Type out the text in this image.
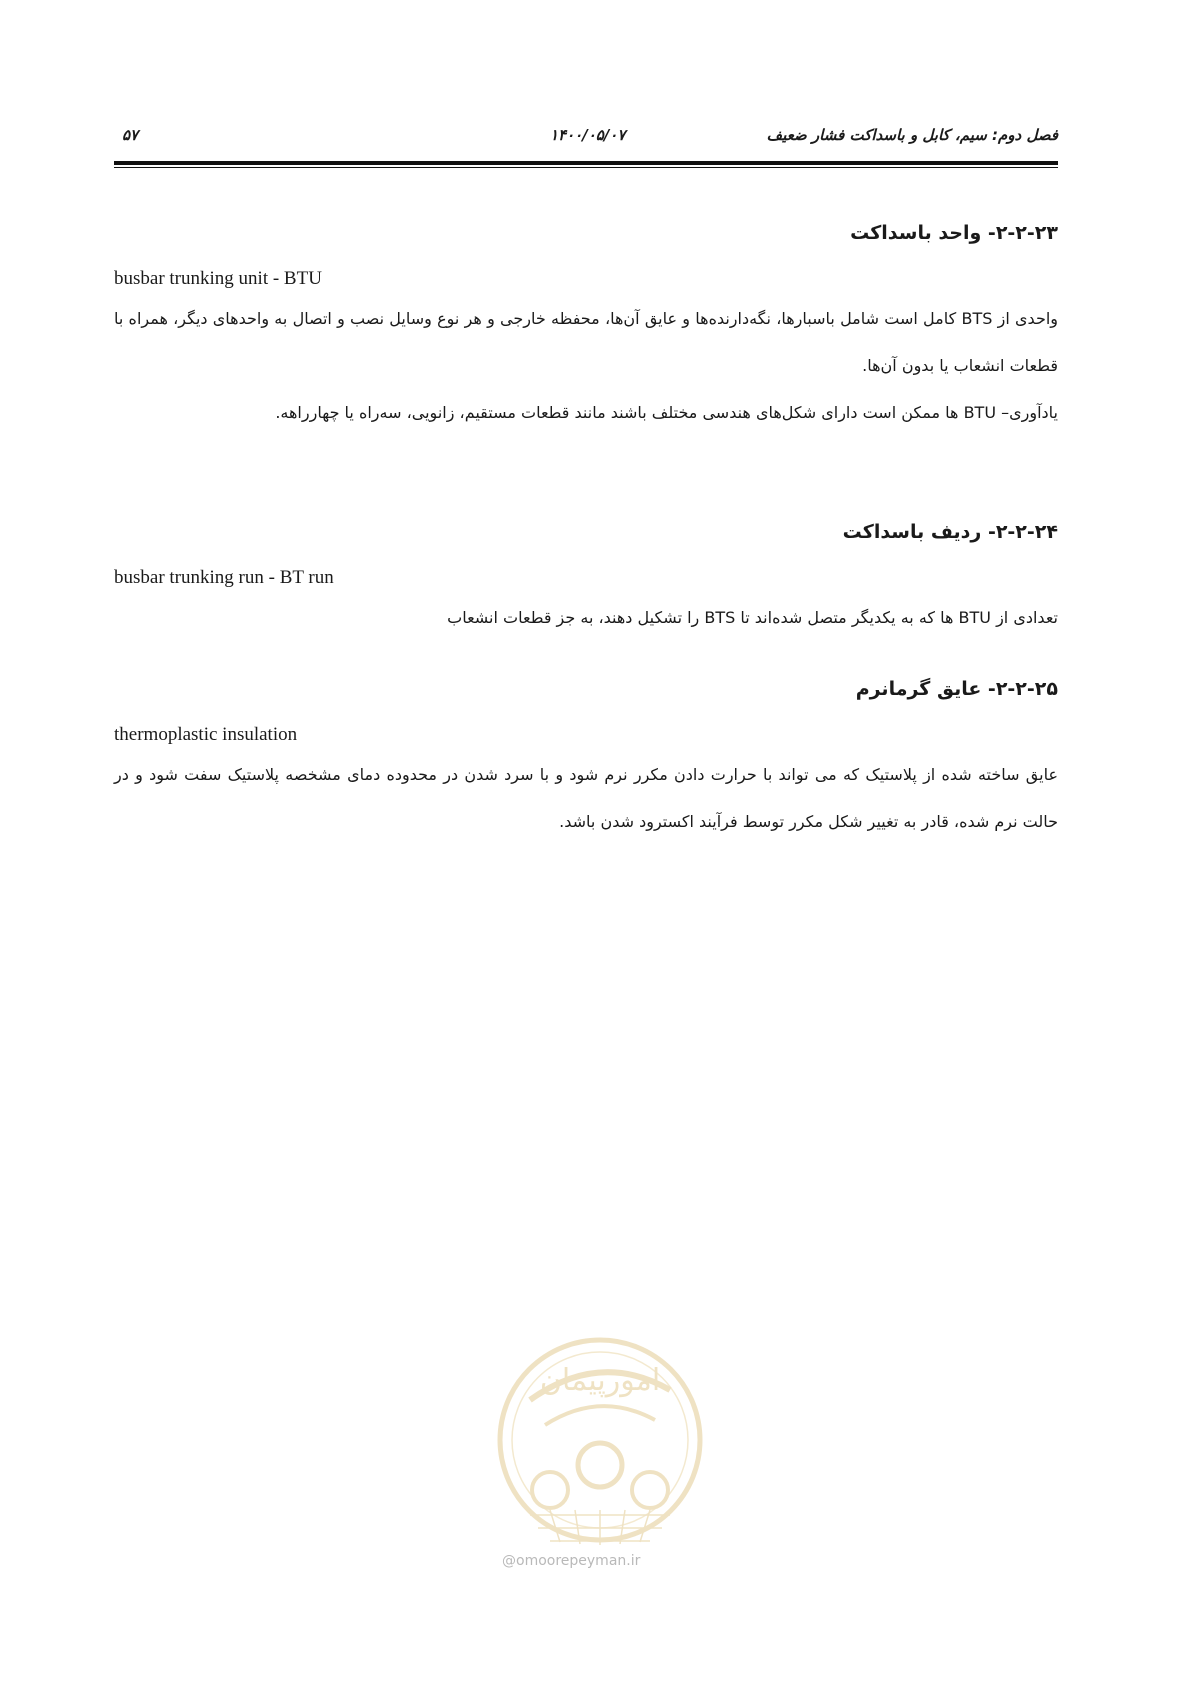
۵۷	۱۴۰۰/۰۵/۰۷	فصل دوم: سیم، کابل و باسداکت فشار ضعیف
۲-۲-۲۳- واحد باسداکت
busbar trunking unit - BTU
واحدی از BTS کامل است شامل باسبارها، نگه‌دارنده‌ها و عایق آن‌ها، محفظه خارجی و هر نوع وسایل نصب و اتصال به واحدهای دیگر، همراه با قطعات انشعاب یا بدون آن‌ها.
یادآوری– BTU ها ممکن است دارای شکل‌های هندسی مختلف باشند مانند قطعات مستقیم، زانویی، سه‌راه یا چهارراهه.
۲-۲-۲۴- ردیف باسداکت
busbar trunking run - BT run
تعدادی از BTU ها که به یکدیگر متصل شده‌اند تا BTS را تشکیل دهند، به جز قطعات انشعاب
۲-۲-۲۵- عایق گرمانرم
thermoplastic insulation
عایق ساخته شده از پلاستیک که می تواند با حرارت دادن مکرر نرم شود و با سرد شدن در محدوده دمای مشخصه پلاستیک سفت شود و در حالت نرم شده، قادر به تغییر شکل مکرر توسط فرآیند اکسترود شدن باشد.
امورپیمان
@omoorepeyman.ir
